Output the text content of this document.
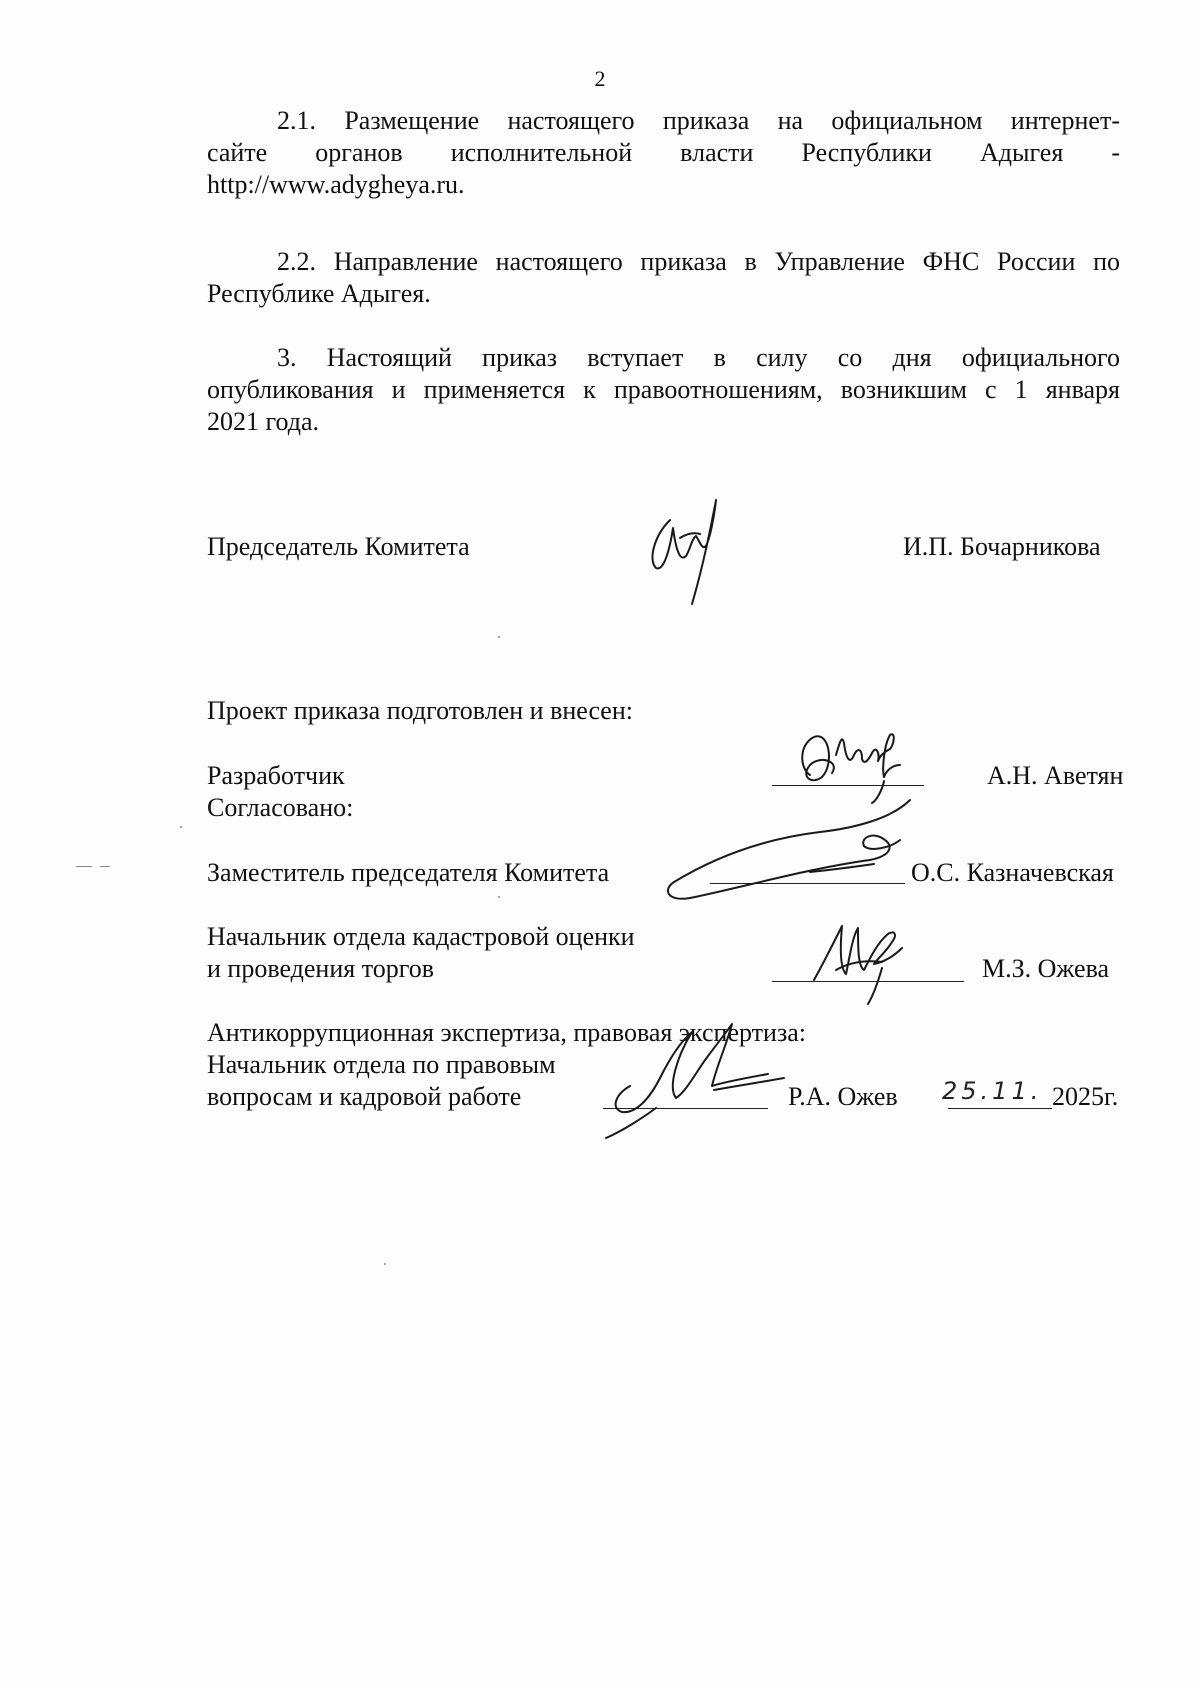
2
2.1. Размещение настоящего приказа на официальном интернет-
сайте органов исполнительной власти Республики Адыгея -
http://www.adygheya.ru.
2.2. Направление настоящего приказа в Управление ФНС России по
Республике Адыгея.
3. Настоящий приказ вступает в силу со дня официального
опубликования и применяется к правоотношениям, возникшим с 1 января
2021 года.
Председатель Комитета	И.П. Бочарникова
Проект приказа подготовлен и внесен:
Разработчик	А.Н. Аветян
Согласовано:
Заместитель председателя Комитета	О.С. Казначевская
Начальник отдела кадастровой оценки
и проведения торгов	М.З. Ожева
Антикоррупционная экспертиза, правовая экспертиза:
Начальник отдела по правовым
вопросам и кадровой работе	Р.А. Ожев 25.11. 2025г.
